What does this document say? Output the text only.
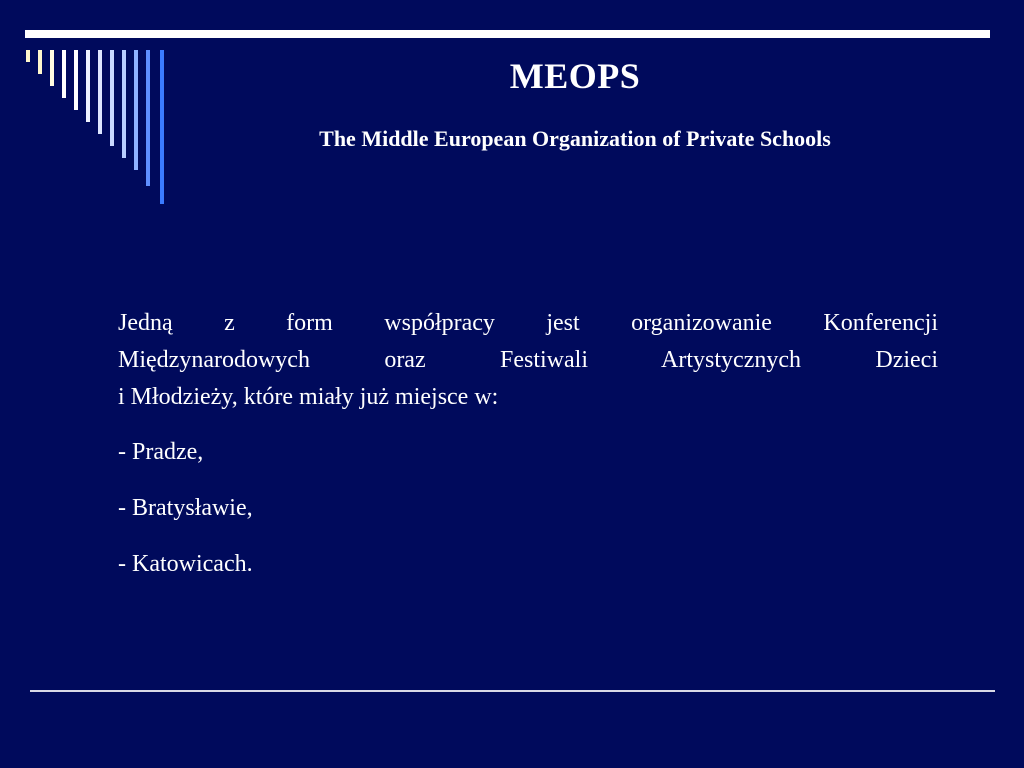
MEOPS
The Middle European Organization of Private Schools

Jedną z form współpracy jest organizowanie Konferencji
Międzynarodowych oraz Festiwali Artystycznych Dzieci
i Młodzieży, które miały już miejsce w:

- Pradze,

- Bratysławie,

- Katowicach.
